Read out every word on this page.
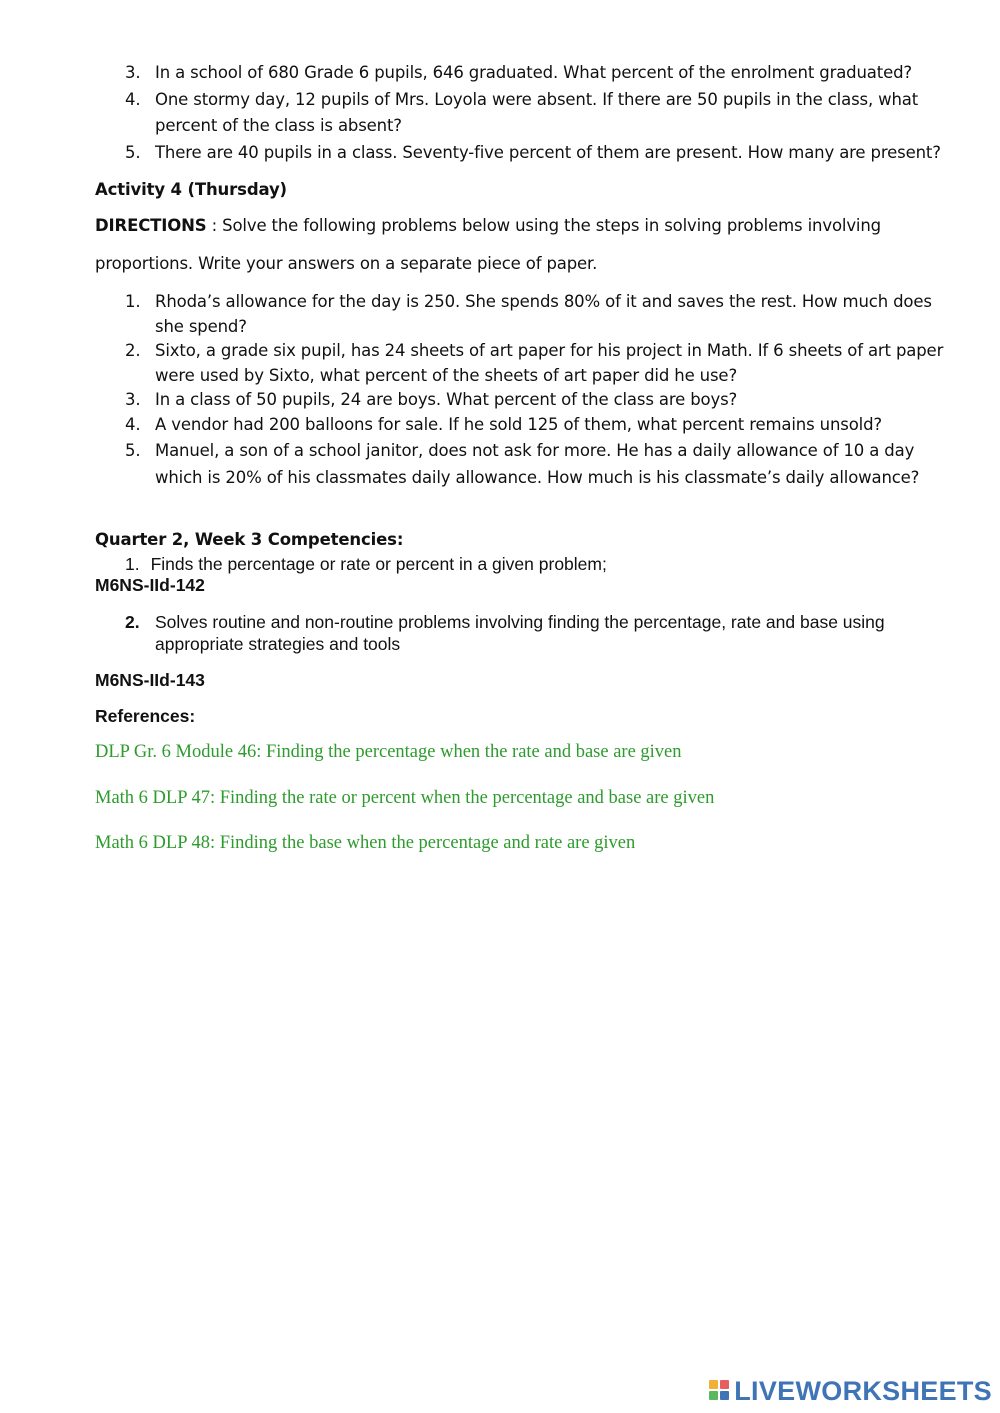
3. In a school of 680 Grade 6 pupils, 646 graduated. What percent of the enrolment graduated?
4. One stormy day, 12 pupils of Mrs. Loyola were absent. If there are 50 pupils in the class, what percent of the class is absent?
5. There are 40 pupils in a class. Seventy-five percent of them are present. How many are present?
Activity 4 (Thursday)
DIRECTIONS : Solve the following problems below using the steps in solving problems involving
proportions. Write your answers on a separate piece of paper.
1. Rhoda’s allowance for the day is 250. She spends 80% of it and saves the rest. How much does she spend?
2. Sixto, a grade six pupil, has 24 sheets of art paper for his project in Math. If 6 sheets of art paper were used by Sixto, what percent of the sheets of art paper did he use?
3. In a class of 50 pupils, 24 are boys. What percent of the class are boys?
4. A vendor had 200 balloons for sale. If he sold 125 of them, what percent remains unsold?
5. Manuel, a son of a school janitor, does not ask for more. He has a daily allowance of 10 a day which is 20% of his classmates daily allowance. How much is his classmate’s daily allowance?
Quarter 2, Week 3 Competencies:
1. Finds the percentage or rate or percent in a given problem;
M6NS-IId-142
2. Solves routine and non-routine problems involving finding the percentage, rate and base using appropriate strategies and tools
M6NS-IId-143
References:
DLP Gr. 6 Module 46: Finding the percentage when the rate and base are given
Math 6 DLP 47: Finding the rate or percent when the percentage and base are given
Math 6 DLP 48: Finding the base when the percentage and rate are given
LIVEWORKSHEETS
